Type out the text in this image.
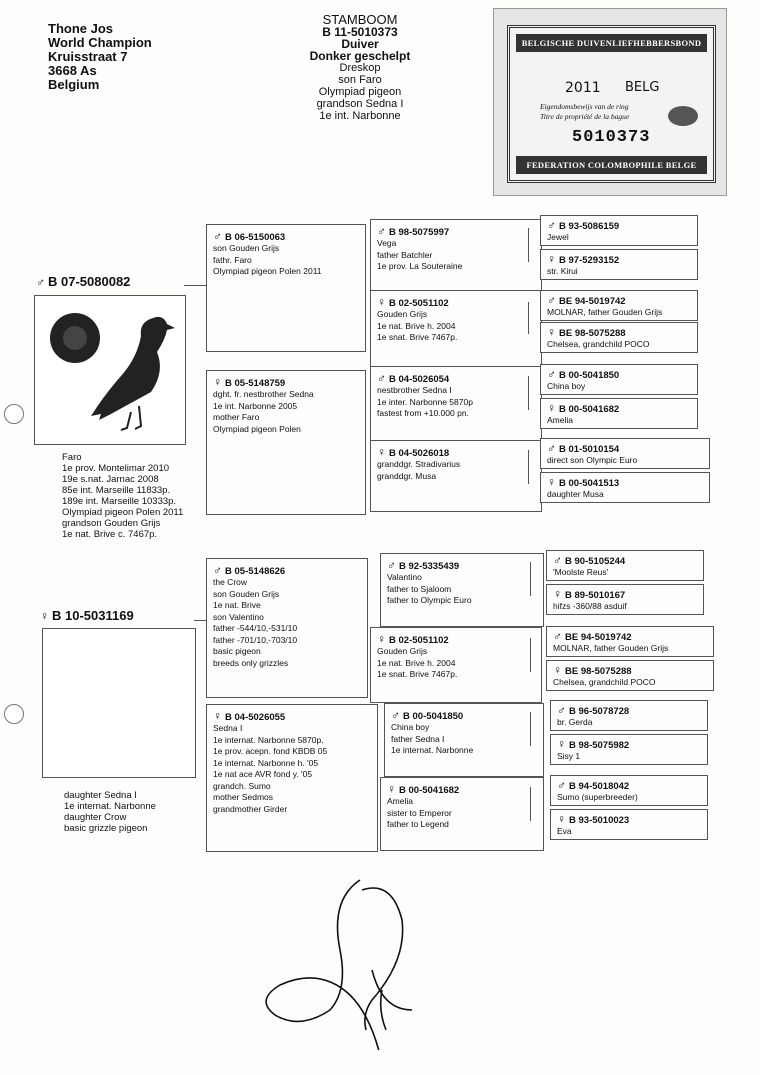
Thone Jos
World Champion
Kruisstraat 7
3668 As
Belgium
STAMBOOM
B 11-5010373
Duiver
Donker geschelpt
Dreskop
son Faro
Olympiad pigeon
grandson Sedna I
1e int. Narbonne
BELGISCHE DUIVENLIEFHEBBERSBOND
2011 BELG
Eigendomsbewijs van de ring
Titre de propriété de la bague
5010373
FEDERATION COLOMBOPHILE BELGE
♂ B 07-5080082
Faro
1e prov. Montelimar 2010
19e s.nat. Jarnac 2008
85e int. Marseille 11833p.
189e int. Marseille 10333p.
Olympiad pigeon Polen 2011
grandson Gouden Grijs
1e nat. Brive c. 7467p.
♀ B 10-5031169
daughter Sedna I
1e internat. Narbonne
daughter Crow
basic grizzle pigeon
♂ B 06-5150063
son Gouden Grijs
fathr. Faro
Olympiad pigeon Polen 2011
♀ B 05-5148759
dght. fr. nestbrother Sedna
1e int. Narbonne 2005
mother Faro
Olympiad pigeon Polen
♂ B 05-5148626
the Crow
son Gouden Grijs
1e nat. Brive
son Valentino
father -544/10,-531/10
father -701/10,-703/10
basic pigeon
breeds only grizzles
♀ B 04-5026055
Sedna I
1e internat. Narbonne 5870p.
1e prov. acepn. fond KBDB 05
1e internat. Narbonne h. '05
1e nat ace AVR fond y. '05
grandch. Sumo
mother Sedmos
grandmother Girder
♂ B 98-5075997
Vega
father Batchler
1e prov. La Souteraine
♀ B 02-5051102
Gouden Grijs
1e nat. Brive h. 2004
1e snat. Brive 7467p.
♂ B 04-5026054
nestbrother Sedna I
1e inter. Narbonne 5870p
fastest from +10.000 pn.
♀ B 04-5026018
granddgr. Stradivarius
granddgr. Musa
♂ B 92-5335439
Valantino
father to Sjaloom
father to Olympic Euro
♀ B 02-5051102
Gouden Grijs
1e nat. Brive h. 2004
1e snat. Brive 7467p.
♂ B 00-5041850
China boy
father Sedna I
1e internat. Narbonne
♀ B 00-5041682
Amelia
sister to Emperor
father to Legend
♂ B 93-5086159
Jewel
♀ B 97-5293152
str. Kirui
♂ BE 94-5019742
MOLNAR, father Gouden Grijs
♀ BE 98-5075288
Chelsea, grandchild POCO
♂ B 00-5041850
China boy
♀ B 00-5041682
Amelia
♂ B 01-5010154
direct son Olympic Euro
♀ B 00-5041513
daughter Musa
♂ B 90-5105244
'Moolste Reus'
♀ B 89-5010167
hifzs -360/88 asduif
♂ BE 94-5019742
MOLNAR, father Gouden Grijs
♀ BE 98-5075288
Chelsea, grandchild POCO
♂ B 96-5078728
br. Gerda
♀ B 98-5075982
Sisy 1
♂ B 94-5018042
Sumo (superbreeder)
♀ B 93-5010023
Eva
